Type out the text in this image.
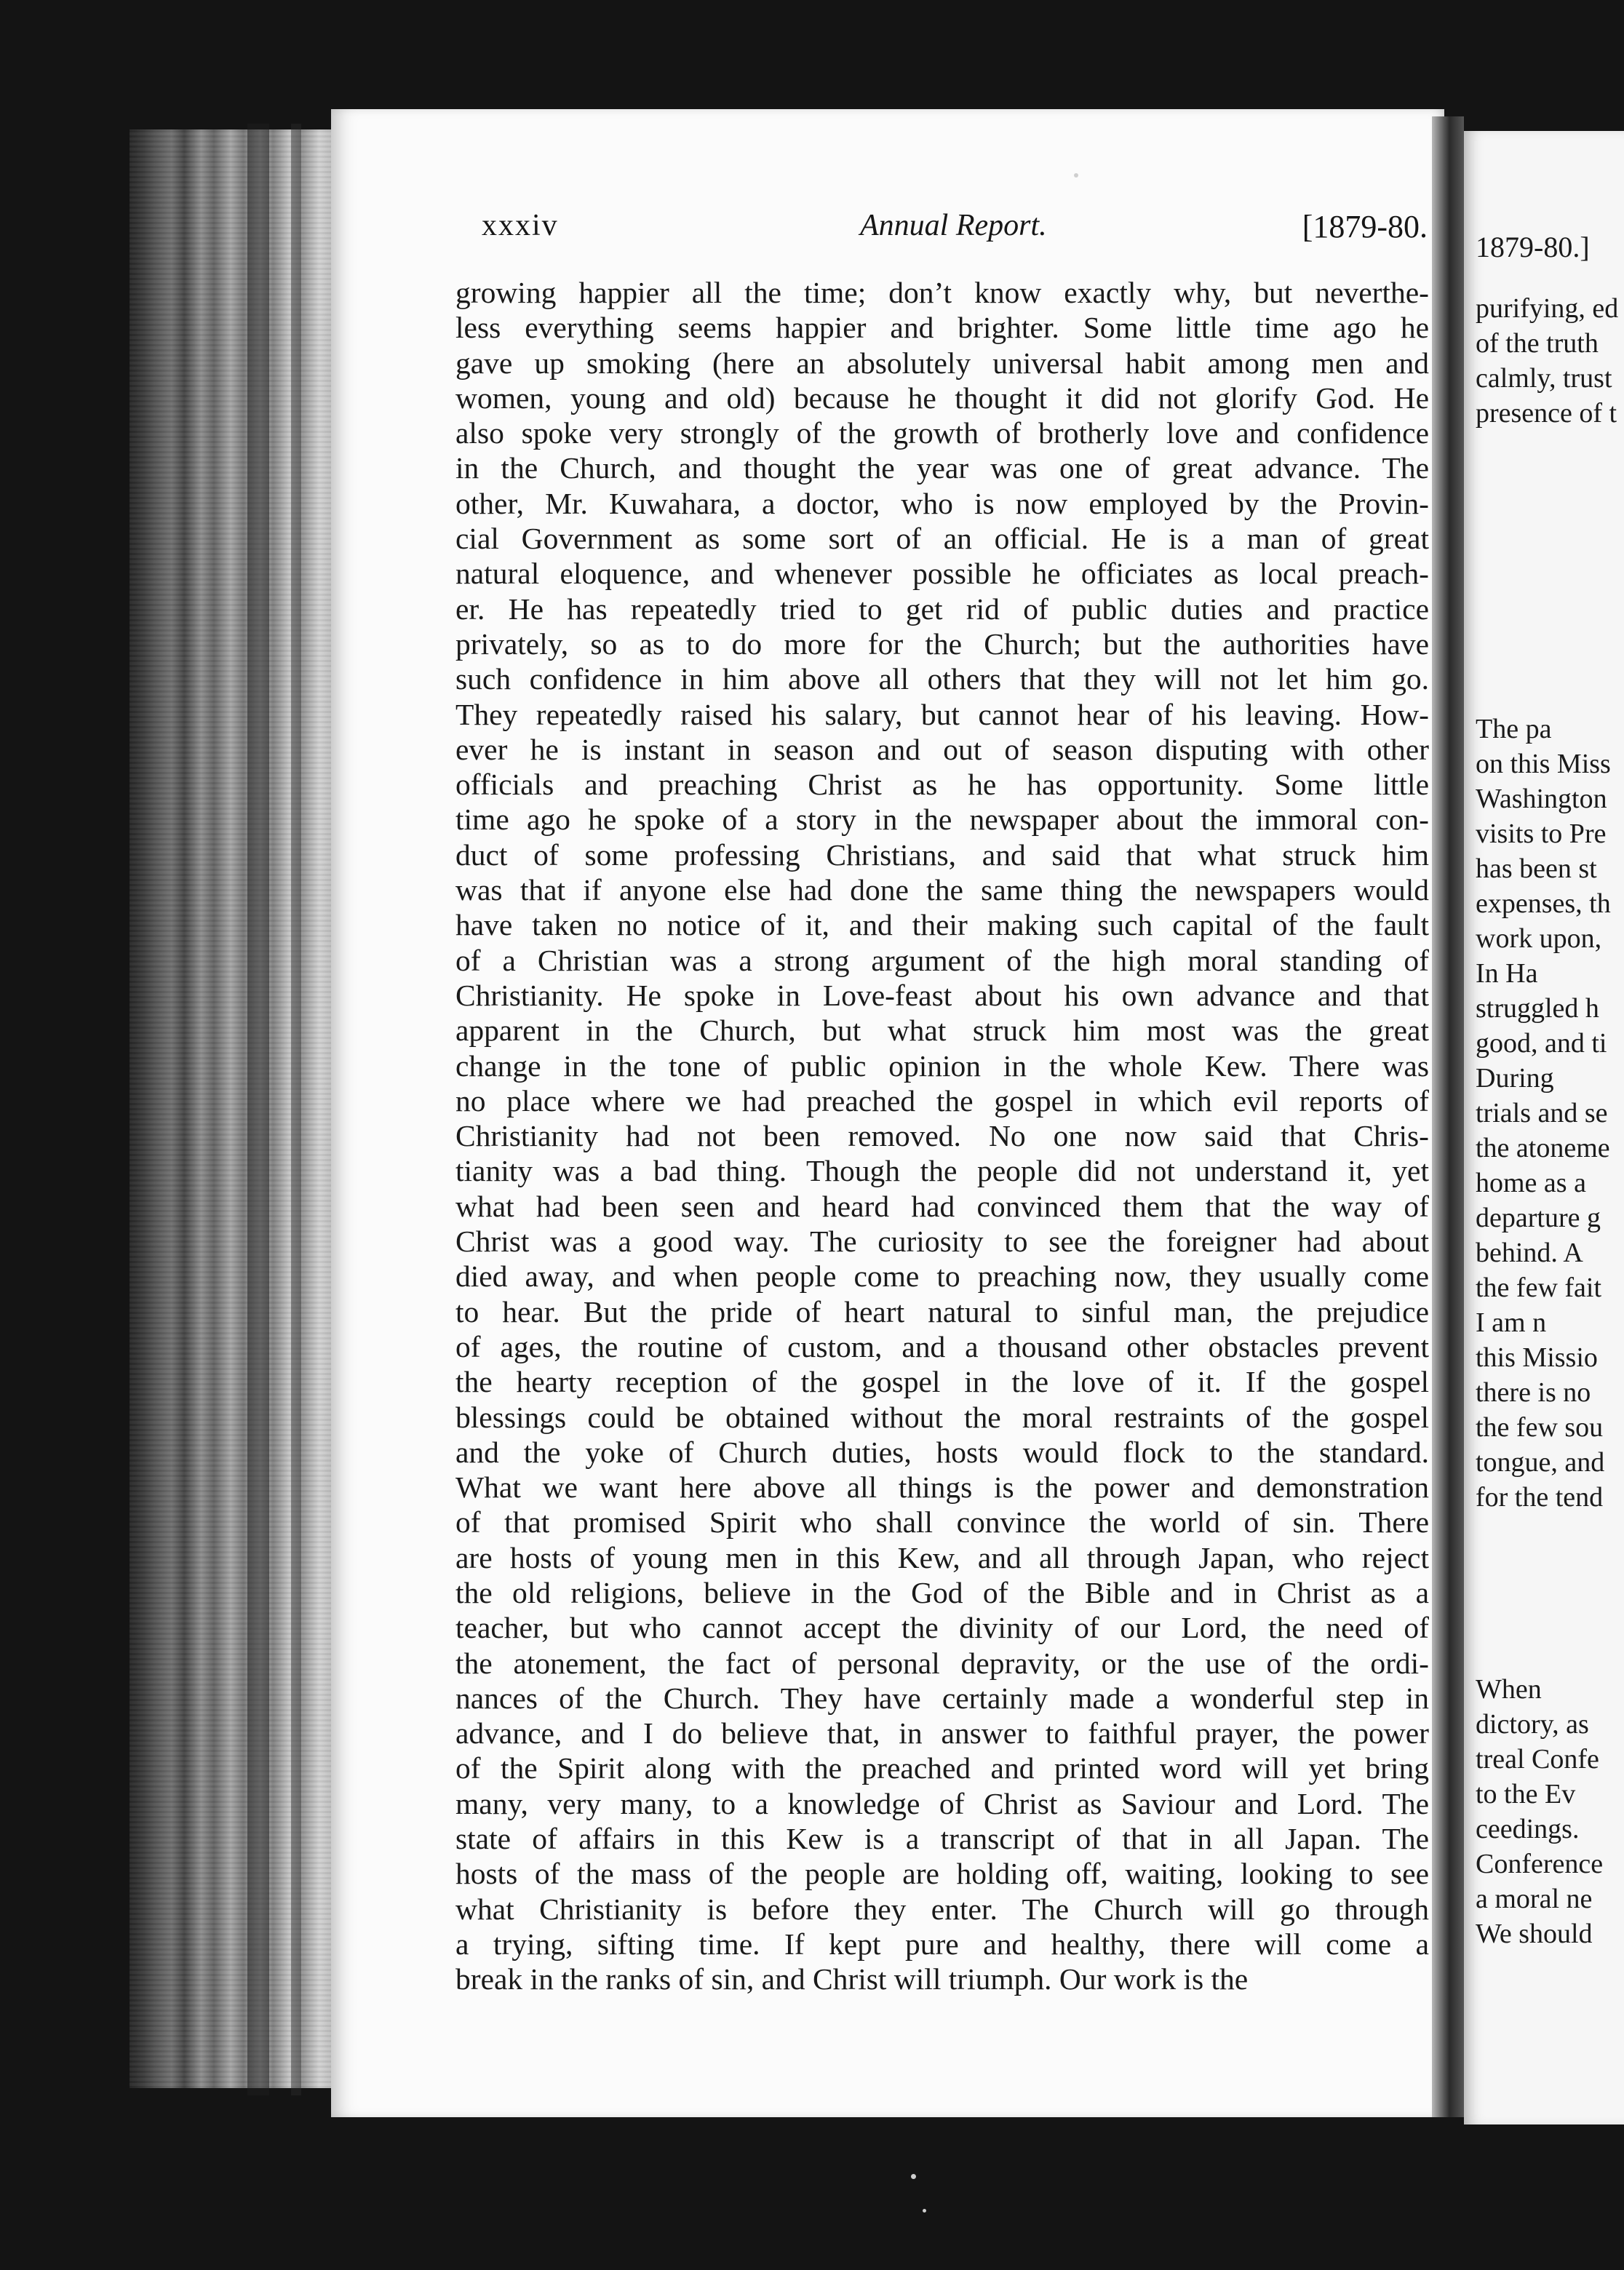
xxxiv	Annual Report.	[1879-80.
growing happier all the time; don’t know exactly why, but neverthe-
less everything seems happier and brighter. Some little time ago he
gave up smoking (here an absolutely universal habit among men and
women, young and old) because he thought it did not glorify God. He
also spoke very strongly of the growth of brotherly love and confidence
in the Church, and thought the year was one of great advance. The
other, Mr. Kuwahara, a doctor, who is now employed by the Provin-
cial Government as some sort of an official. He is a man of great
natural eloquence, and whenever possible he officiates as local preach-
er. He has repeatedly tried to get rid of public duties and practice
privately, so as to do more for the Church; but the authorities have
such confidence in him above all others that they will not let him go.
They repeatedly raised his salary, but cannot hear of his leaving. How-
ever he is instant in season and out of season disputing with other
officials and preaching Christ as he has opportunity. Some little
time ago he spoke of a story in the newspaper about the immoral con-
duct of some professing Christians, and said that what struck him
was that if anyone else had done the same thing the newspapers would
have taken no notice of it, and their making such capital of the fault
of a Christian was a strong argument of the high moral standing of
Christianity. He spoke in Love-feast about his own advance and that
apparent in the Church, but what struck him most was the great
change in the tone of public opinion in the whole Kew. There was
no place where we had preached the gospel in which evil reports of
Christianity had not been removed. No one now said that Chris-
tianity was a bad thing. Though the people did not understand it, yet
what had been seen and heard had convinced them that the way of
Christ was a good way. The curiosity to see the foreigner had about
died away, and when people come to preaching now, they usually come
to hear. But the pride of heart natural to sinful man, the prejudice
of ages, the routine of custom, and a thousand other obstacles prevent
the hearty reception of the gospel in the love of it. If the gospel
blessings could be obtained without the moral restraints of the gospel
and the yoke of Church duties, hosts would flock to the standard.
What we want here above all things is the power and demonstration
of that promised Spirit who shall convince the world of sin. There
are hosts of young men in this Kew, and all through Japan, who reject
the old religions, believe in the God of the Bible and in Christ as a
teacher, but who cannot accept the divinity of our Lord, the need of
the atonement, the fact of personal depravity, or the use of the ordi-
nances of the Church. They have certainly made a wonderful step in
advance, and I do believe that, in answer to faithful prayer, the power
of the Spirit along with the preached and printed word will yet bring
many, very many, to a knowledge of Christ as Saviour and Lord. The
state of affairs in this Kew is a transcript of that in all Japan. The
hosts of the mass of the people are holding off, waiting, looking to see
what Christianity is before they enter. The Church will go through
a trying, sifting time. If kept pure and healthy, there will come a
break in the ranks of sin, and Christ will triumph. Our work is the
1879-80.]
purifying, ed
of the truth
calmly, trust
presence of t
The pa
on this Miss
Washington
visits to Pre
has been st
expenses, th
work upon,
In Ha
struggled h
good, and ti
During
trials and se
the atoneme
home as a
departure g
behind. A
the few fait
I am n
this Missio
there is no
the few sou
tongue, and
for the tend
When
dictory, as
treal Confe
to the Ev
ceedings.
Conference
a moral ne
We should
